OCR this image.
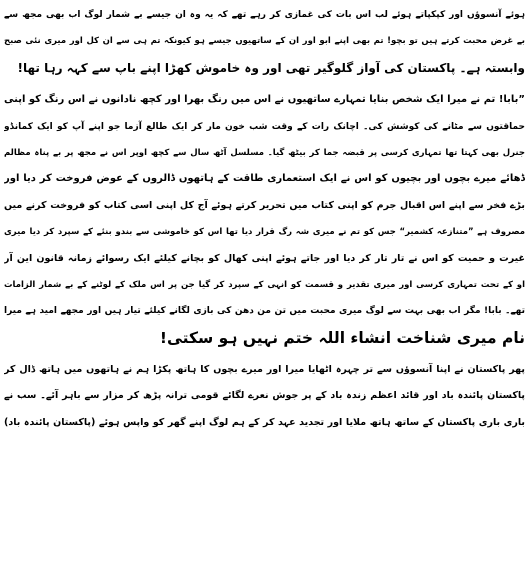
ہوئے آنسوؤں اور کپکپاتے ہوئے لب اس بات کی غمازی کر رہے تھے کہ یہ وہ ان جیسے بے شمار لوگ اب بھی مجھ سے
بے غرض محبت کرتے ہیں تو بچو! تم بھی اپنے ابو اور ان کے ساتھیوں جیسے ہو کیونکہ تم ہی سے ان کل اور میری نئی صبح
وابستہ ہے۔ پاکستان کی آواز گلوگیر تھی اور وہ خاموش کھڑا اپنے باپ سے کہہ رہا تھا!
”بابا! تم نے میرا ایک شخص بنایا تمہارے ساتھیوں نے اس میں رنگ بھرا اور کچھ نادانوں نے اس رنگ کو اپنی
حماقتوں سے مٹانے کی کوشش کی۔ اچانک رات کے وقت شب خون مار کر ایک طالع آزما جو اپنے آپ کو ایک کمانڈو
جنرل بھی کہتا تھا تمہاری کرسی پر قبضہ جما کر بیٹھ گیا۔ مسلسل آٹھ سال سے کچھ اوپر اس نے مجھ پر بے پناہ مظالم
ڈھائے میرے بچوں اور بچیوں کو اس نے ایک استعماری طاقت کے ہاتھوں ڈالروں کے عوض فروخت کر دیا اور
بڑے فخر سے اپنے اس اقبال جرم کو اپنی کتاب میں تحریر کرتے ہوئے آج کل اپنی اسی کتاب کو فروخت کرنے میں
مصروف ہے ”متنازعہ کشمیر“ جس کو تم نے میری شہ رگ قرار دیا تھا اس کو خاموشی سے بندو بنئے کے سپرد کر دیا میری
غیرت و حمیت کو اس نے تار تار کر دیا اور جاتے ہوئے اپنی کھال کو بچانے کیلئے ایک رسوائے زمانہ قانون این آر
او کے تحت تمہاری کرسی اور میری تقدیر و قسمت کو انہی کے سپرد کر گیا جن پر اس ملک کے لوٹنے کے بے شمار الزامات
تھے۔ بابا! مگر اب بھی بہت سے لوگ میری محبت میں تن من دھن کی بازی لگانے کیلئے تیار ہیں اور مجھے امید ہے میرا
نام میری شناخت انشاء اللہ ختم نہیں ہو سکتی!
پھر پاکستان نے اپنا آنسوؤں سے تر چہرہ اٹھایا میرا اور میرے بچوں کا ہاتھ پکڑا ہم نے ہاتھوں میں ہاتھ ڈال کر
پاکستان پائندہ باد اور قائد اعظم زندہ باد کے پر جوش نعرے لگائے قومی ترانہ پڑھ کر مزار سے باہر آئے۔ سب نے
باری باری پاکستان کے ساتھ ہاتھ ملایا اور تجدید عہد کر کے ہم لوگ اپنے گھر کو واپس ہوئے (پاکستان پائندہ باد)
